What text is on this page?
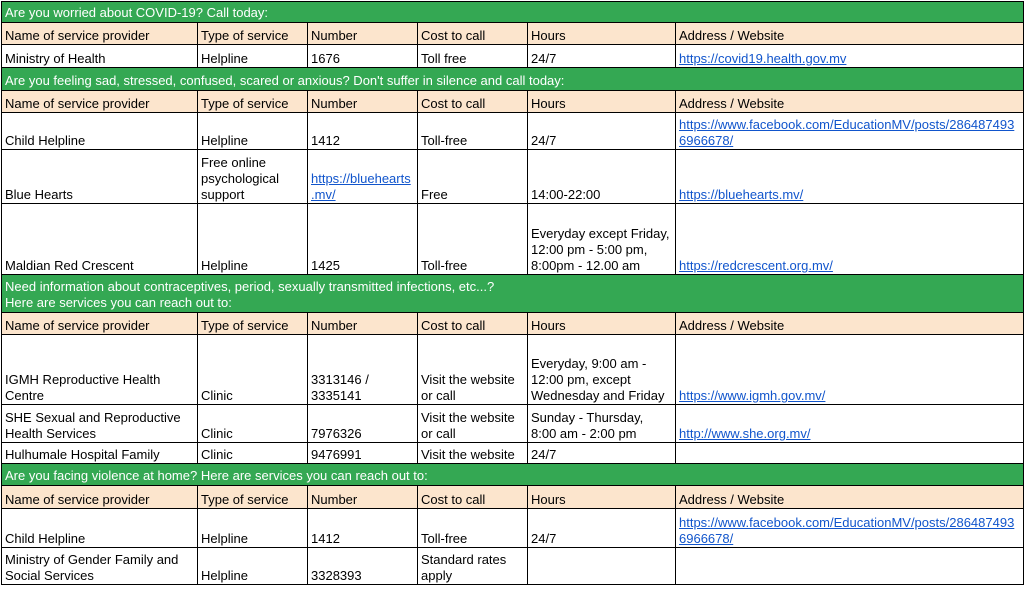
Are you worried about COVID-19? Call today:					
Name of service provider	Type of service	Number	Cost to call	Hours	Address / Website
Ministry of Health	Helpline	1676	Toll free	24/7	https://covid19.health.gov.mv
Are you feeling sad, stressed, confused, scared or anxious? Don't suffer in silence and call today:					
Name of service provider	Type of service	Number	Cost to call	Hours	Address / Website
Child Helpline	Helpline	1412	Toll-free	24/7	https://www.facebook.com/EducationMV/posts/2864874936966678/
Blue Hearts	Free online psychological support	https://bluehearts.mv/	Free	14:00-22:00	https://bluehearts.mv/
Maldian Red Crescent	Helpline	1425	Toll-free	Everyday except Friday, 12:00 pm - 5:00 pm, 8:00pm - 12.00 am	https://redcrescent.org.mv/

Need information about contraceptives, period, sexually transmitted infections, etc...?
Here are services you can reach out to:					

Name of service provider	Type of service	Number	Cost to call	Hours	Address / Website
IGMH Reproductive Health Centre	Clinic	3313146 / 3335141	Visit the website or call	Everyday, 9:00 am - 12:00 pm, except Wednesday and Friday	https://www.igmh.gov.mv/
SHE Sexual and Reproductive Health Services	Clinic	7976326	Visit the website or call	Sunday - Thursday, 8:00 am - 2:00 pm	http://www.she.org.mv/
Hulhumale Hospital Family	Clinic	9476991	Visit the website	24/7	
Are you facing violence at home? Here are services you can reach out to:					
Name of service provider	Type of service	Number	Cost to call	Hours	Address / Website
Child Helpline	Helpline	1412	Toll-free	24/7	https://www.facebook.com/EducationMV/posts/2864874936966678/
Ministry of Gender Family and Social Services	Helpline	3328393	Standard rates apply		
